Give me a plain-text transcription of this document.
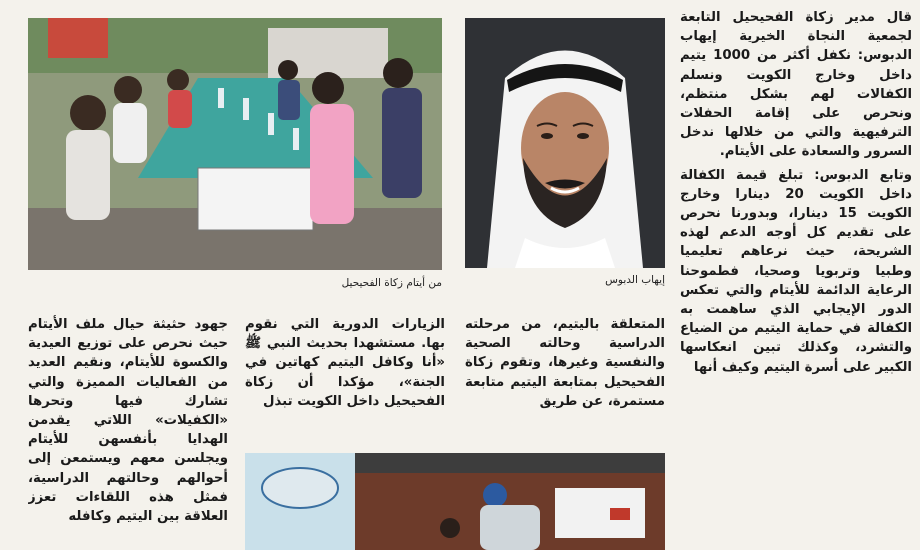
قال مدير زكاة الفحيحيل التابعة لجمعية النجاة الخيرية إيهاب الدبوس: نكفل أكثر من 1000 يتيم داخل وخارج الكويت ونسلم الكفالات لهم بشكل منتظم، ونحرص على إقامة الحفلات الترفيهية والتي من خلالها ندخل السرور والسعادة على الأيتام.

وتابع الدبوس: تبلغ قيمة الكفالة داخل الكويت 20 دينارا وخارج الكويت 15 دينارا، وبدورنا نحرص على تقديم كل أوجه الدعم لهذه الشريحة، حيث نرعاهم تعليميا وطبيا وتربويا وصحيا، فطموحنا الرعاية الدائمة للأيتام والتي تعكس الدور الإيجابي الذي ساهمت به الكفالة في حماية اليتيم من الضياع والتشرد، وكذلك تبين انعكاسها الكبير على أسرة اليتيم وكيف أنها

إيهاب الدبوس
من أيتام زكاة الفحيحيل

المتعلقة باليتيم، من مرحلته الدراسية وحالته الصحية والنفسية وغيرها، وتقوم زكاة الفحيحيل بمتابعة اليتيم متابعة مستمرة، عن طريق

الزيارات الدورية التي نقوم بها. مستشهدا بحديث النبي ﷺ «أنا وكافل اليتيم كهاتين في الجنة»، مؤكدا أن زكاة الفحيحيل داخل الكويت تبذل

جهود حثيثة حيال ملف الأيتام حيث نحرص على توزيع العيدية والكسوة للأيتام، ونقيم العديد من الفعاليات المميزة والتي تشارك فيها وتحرها «الكفيلات» اللاتي يقدمن الهدايا بأنفسهن للأيتام ويجلسن معهم ويستمعن إلى أحوالهم وحالتهم الدراسية، فمثل هذه اللقاءات تعزز العلاقة بين اليتيم وكافله
